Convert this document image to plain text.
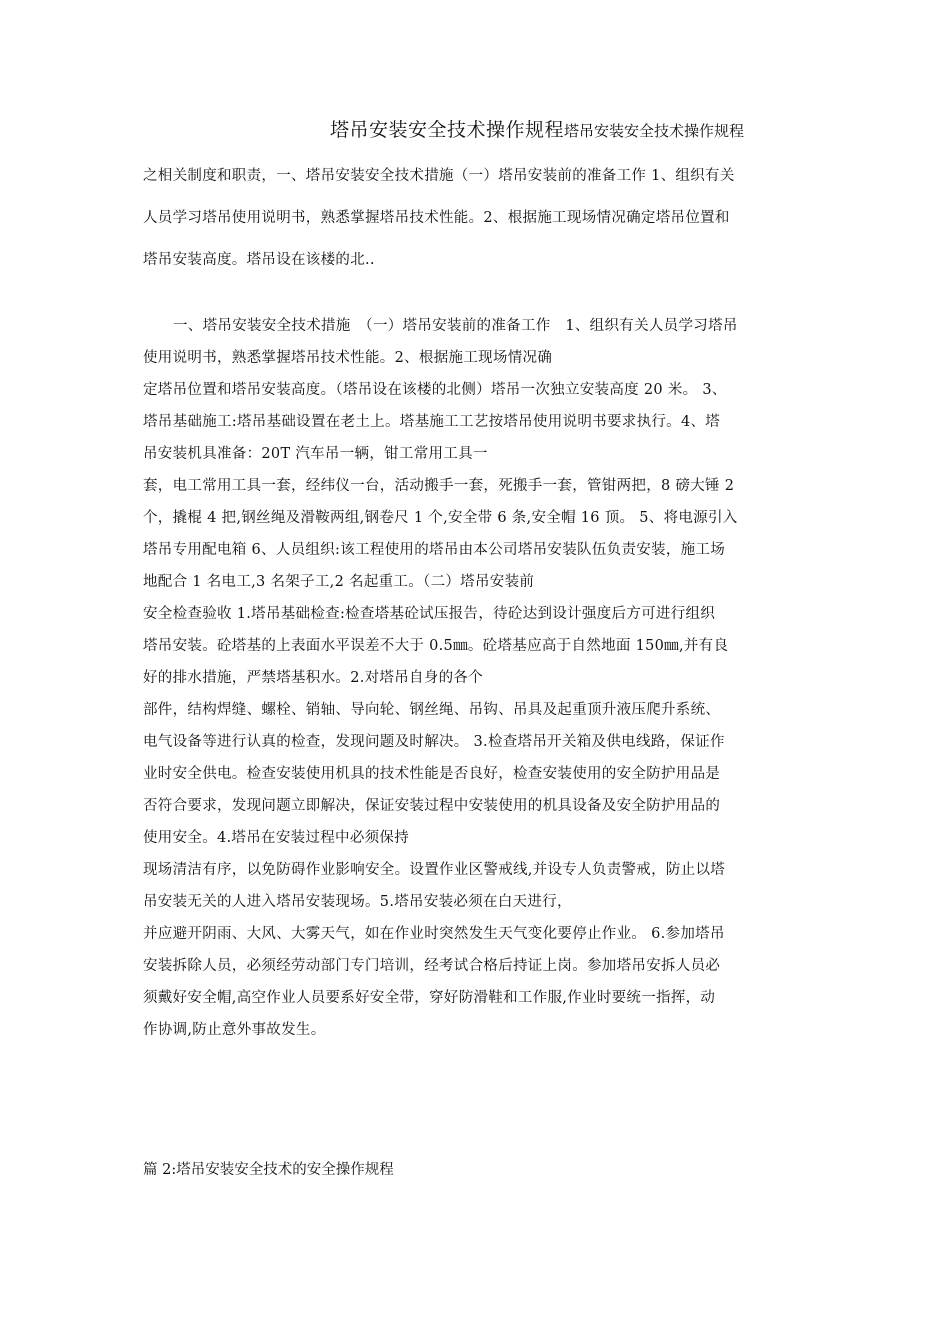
塔吊安装安全技术操作规程塔吊安装安全技术操作规程

之相关制度和职责，一、塔吊安装安全技术措施（一）塔吊安装前的准备工作 1、组织有关

人员学习塔吊使用说明书，熟悉掌握塔吊技术性能。2、根据施工现场情况确定塔吊位置和

塔吊安装高度。塔吊设在该楼的北..

一、塔吊安装安全技术措施　（一）塔吊安装前的准备工作　1、组织有关人员学习塔吊

使用说明书，熟悉掌握塔吊技术性能。2、根据施工现场情况确

定塔吊位置和塔吊安装高度。（塔吊设在该楼的北侧）塔吊一次独立安装高度 20 米。 3、

塔吊基础施工:塔吊基础设置在老土上。塔基施工工艺按塔吊使用说明书要求执行。4、塔

吊安装机具准备：20T 汽车吊一辆，钳工常用工具一

套，电工常用工具一套，经纬仪一台，活动搬手一套，死搬手一套，管钳两把，8 磅大锤 2

个，撬棍 4 把,钢丝绳及滑鞍两组,钢卷尺 1 个,安全带 6 条,安全帽 16 顶。 5、将电源引入

塔吊专用配电箱 6、人员组织:该工程使用的塔吊由本公司塔吊安装队伍负责安装，施工场

地配合 1 名电工,3 名架子工,2 名起重工。（二）塔吊安装前

安全检查验收 1.塔吊基础检查:检查塔基砼试压报告，待砼达到设计强度后方可进行组织

塔吊安装。砼塔基的上表面水平误差不大于 0.5㎜。砼塔基应高于自然地面 150㎜,并有良

好的排水措施，严禁塔基积水。2.对塔吊自身的各个

部件，结构焊缝、螺栓、销轴、导向轮、钢丝绳、吊钩、吊具及起重顶升液压爬升系统、

电气设备等进行认真的检查，发现问题及时解决。 3.检查塔吊开关箱及供电线路，保证作

业时安全供电。检查安装使用机具的技术性能是否良好，检查安装使用的安全防护用品是

否符合要求，发现问题立即解决，保证安装过程中安装使用的机具设备及安全防护用品的

使用安全。4.塔吊在安装过程中必须保持

现场清洁有序，以免防碍作业影响安全。设置作业区警戒线,并设专人负责警戒，防止以塔

吊安装无关的人进入塔吊安装现场。5.塔吊安装必须在白天进行，

并应避开阴雨、大风、大雾天气，如在作业时突然发生天气变化要停止作业。 6.参加塔吊

安装拆除人员，必须经劳动部门专门培训，经考试合格后持证上岗。参加塔吊安拆人员必

须戴好安全帽,高空作业人员要系好安全带，穿好防滑鞋和工作服,作业时要统一指挥，动

作协调,防止意外事故发生。

篇 2:塔吊安装安全技术的安全操作规程
